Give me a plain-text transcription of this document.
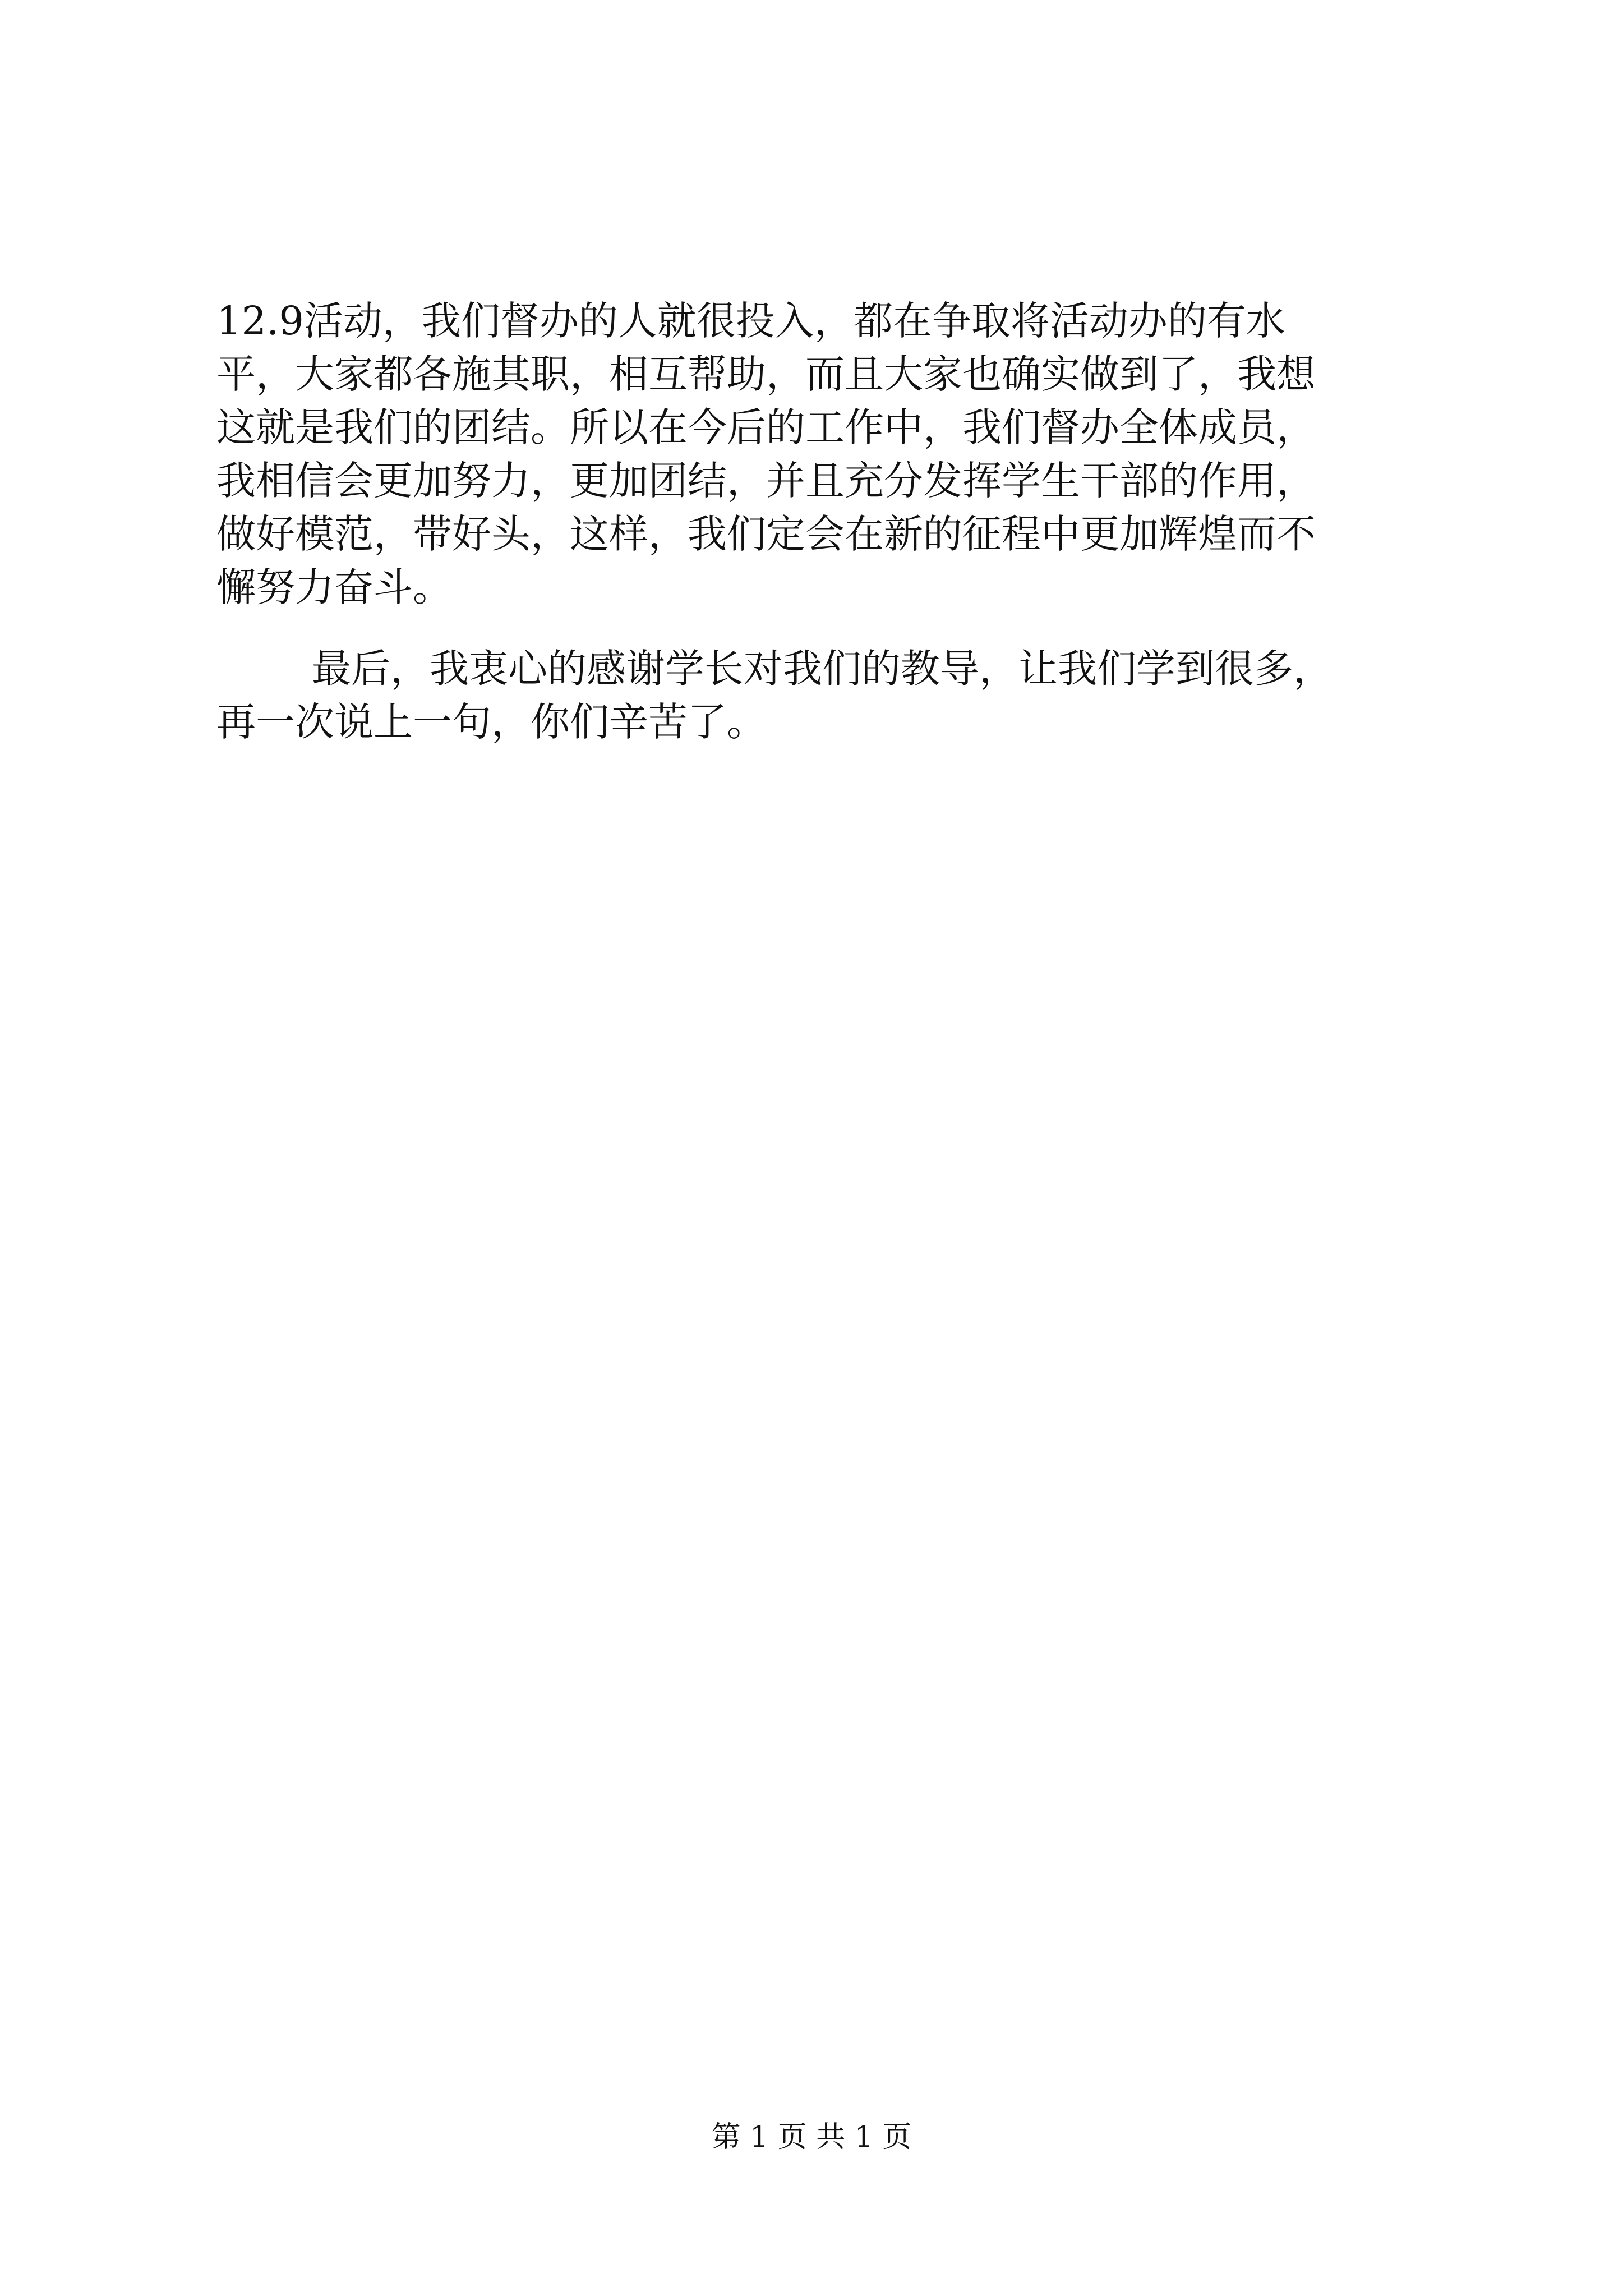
12.9活动，我们督办的人就很投入，都在争取将活动办的有水
平，大家都各施其职，相互帮助，而且大家也确实做到了，我想
这就是我们的团结。所以在今后的工作中，我们督办全体成员，
我相信会更加努力，更加团结，并且充分发挥学生干部的作用，
做好模范，带好头，这样，我们定会在新的征程中更加辉煌而不
懈努力奋斗。
最后，我衷心的感谢学长对我们的教导，让我们学到很多，
再一次说上一句，你们辛苦了。
第 1 页 共 1 页
